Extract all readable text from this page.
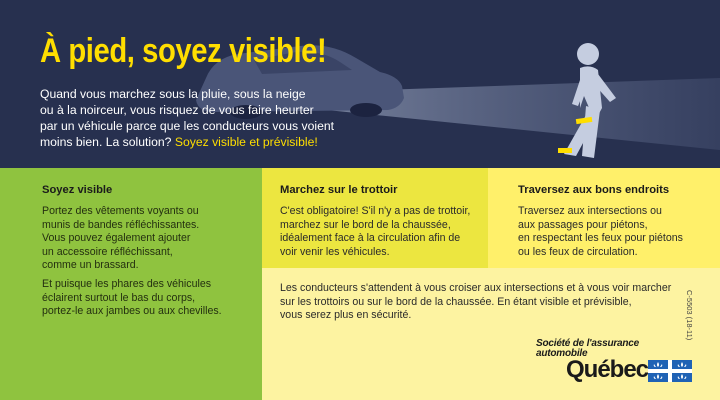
À pied, soyez visible!
Quand vous marchez sous la pluie, sous la neige
ou à la noirceur, vous risquez de vous faire heurter
par un véhicule parce que les conducteurs vous voient
moins bien. La solution? Soyez visible et prévisible!
Soyez visible
Portez des vêtements voyants ou
munis de bandes réfléchissantes.
Vous pouvez également ajouter
un accessoire réfléchissant,
comme un brassard.
Et puisque les phares des véhicules
éclairent surtout le bas du corps,
portez-le aux jambes ou aux chevilles.
Marchez sur le trottoir
C'est obligatoire! S'il n'y a pas de trottoir,
marchez sur le bord de la chaussée,
idéalement face à la circulation afin de
voir venir les véhicules.
Traversez aux bons endroits
Traversez aux intersections ou
aux passages pour piétons,
en respectant les feux pour piétons
ou les feux de circulation.
Les conducteurs s'attendent à vous croiser aux intersections et à vous voir marcher
sur les trottoirs ou sur le bord de la chaussée. En étant visible et prévisible,
vous serez plus en sécurité.	C-5503 (18-11)
Société de l'assurance
automobile
Québec
